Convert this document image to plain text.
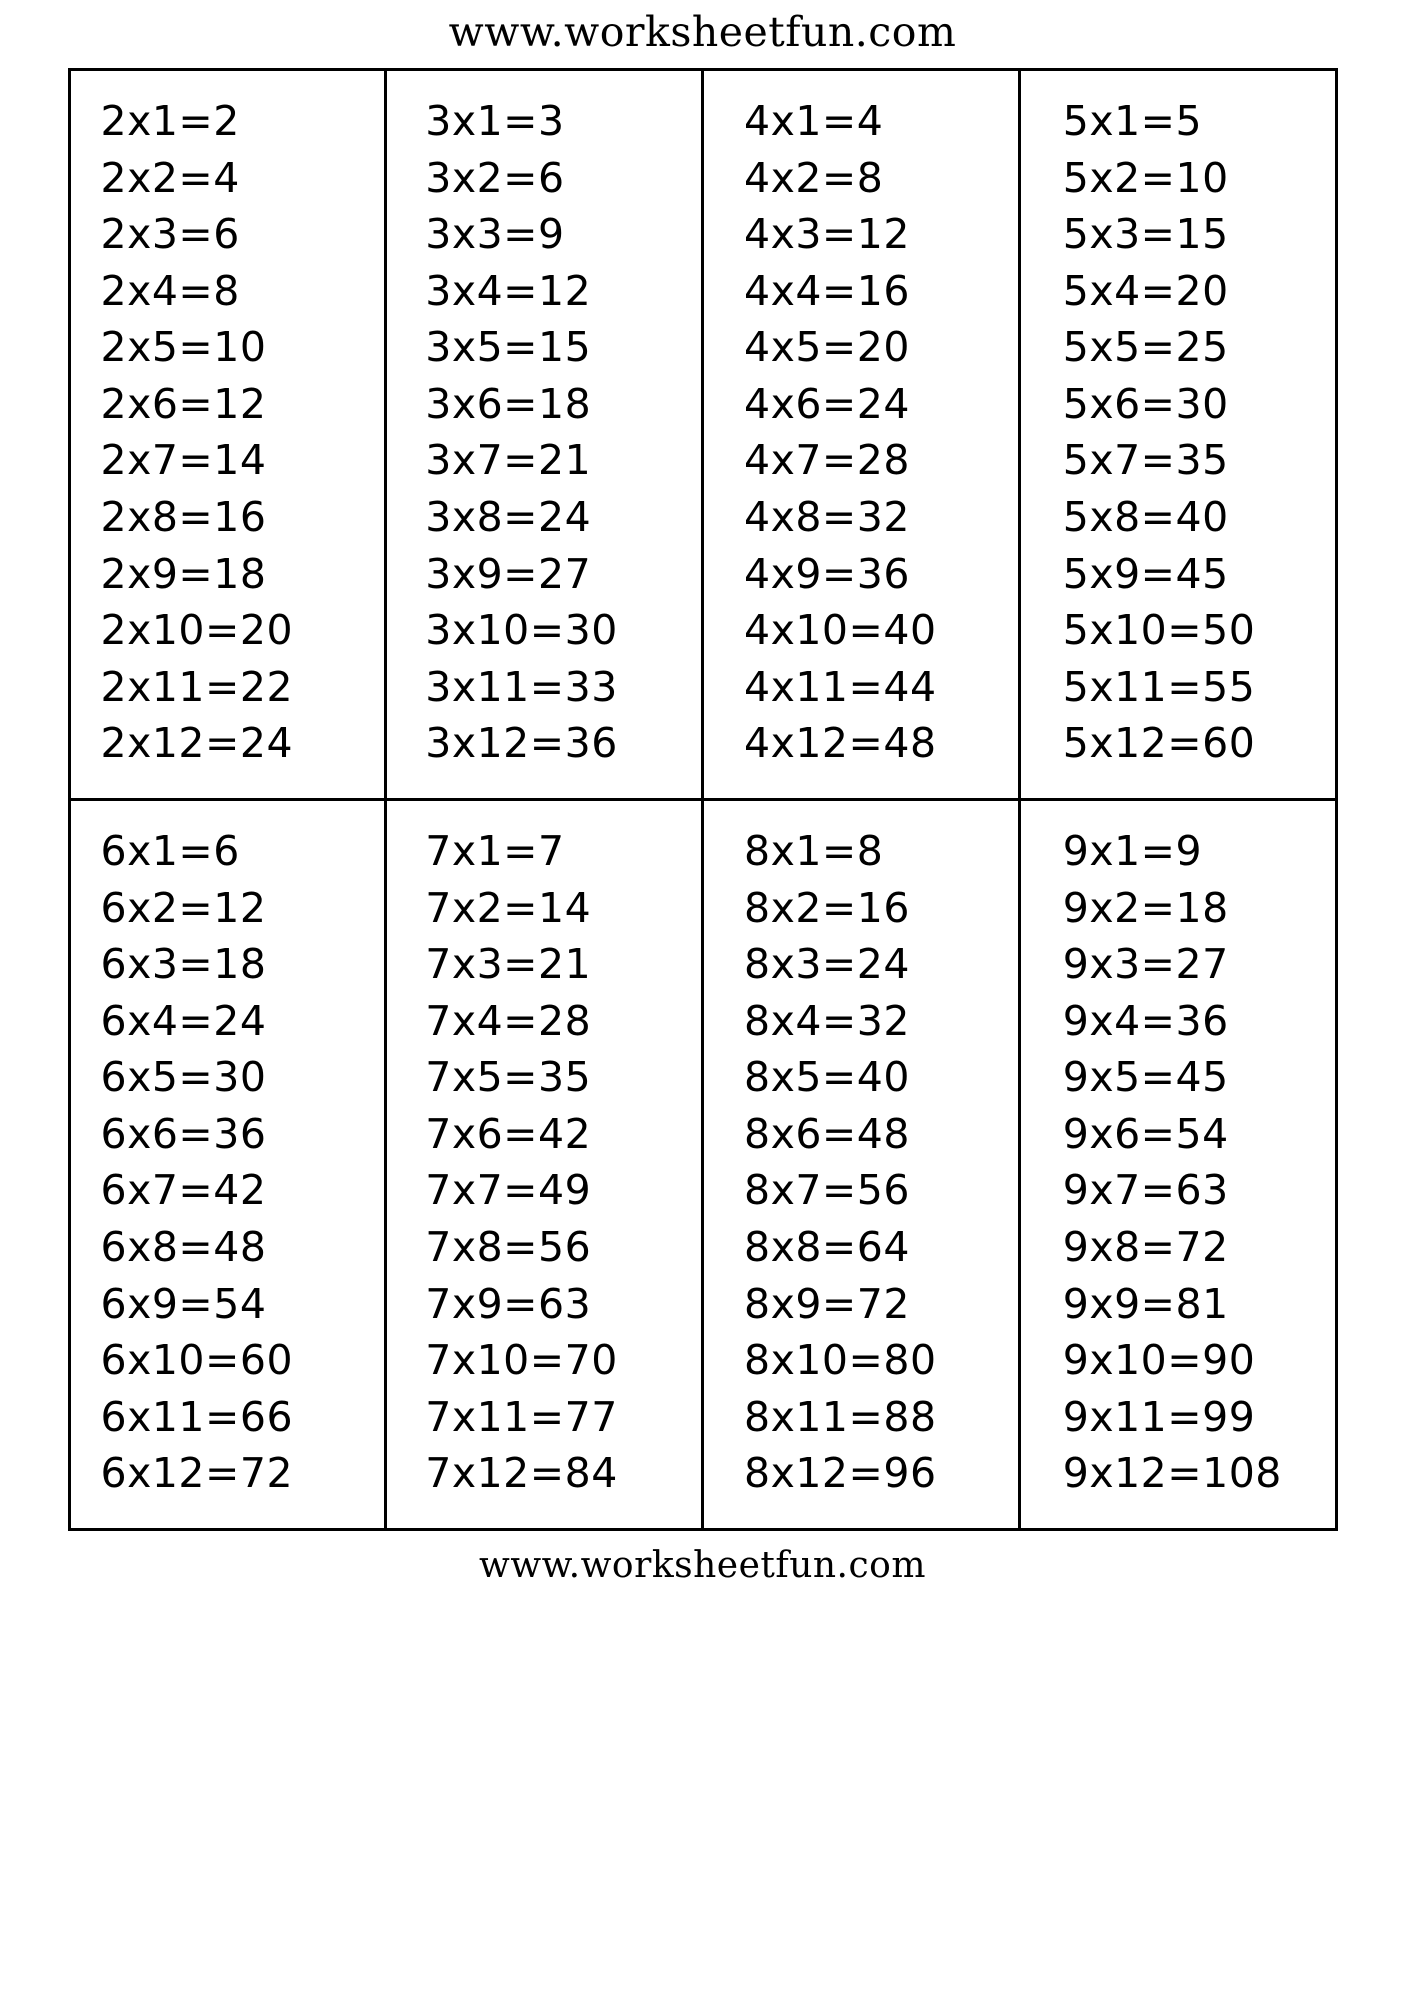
www.worksheetfun.com
2x1=2
2x2=4
2x3=6
2x4=8
2x5=10
2x6=12
2x7=14
2x8=16
2x9=18
2x10=20
2x11=22
2x12=24
3x1=3
3x2=6
3x3=9
3x4=12
3x5=15
3x6=18
3x7=21
3x8=24
3x9=27
3x10=30
3x11=33
3x12=36
4x1=4
4x2=8
4x3=12
4x4=16
4x5=20
4x6=24
4x7=28
4x8=32
4x9=36
4x10=40
4x11=44
4x12=48
5x1=5
5x2=10
5x3=15
5x4=20
5x5=25
5x6=30
5x7=35
5x8=40
5x9=45
5x10=50
5x11=55
5x12=60
6x1=6
6x2=12
6x3=18
6x4=24
6x5=30
6x6=36
6x7=42
6x8=48
6x9=54
6x10=60
6x11=66
6x12=72
7x1=7
7x2=14
7x3=21
7x4=28
7x5=35
7x6=42
7x7=49
7x8=56
7x9=63
7x10=70
7x11=77
7x12=84
8x1=8
8x2=16
8x3=24
8x4=32
8x5=40
8x6=48
8x7=56
8x8=64
8x9=72
8x10=80
8x11=88
8x12=96
9x1=9
9x2=18
9x3=27
9x4=36
9x5=45
9x6=54
9x7=63
9x8=72
9x9=81
9x10=90
9x11=99
9x12=108
www.worksheetfun.com
